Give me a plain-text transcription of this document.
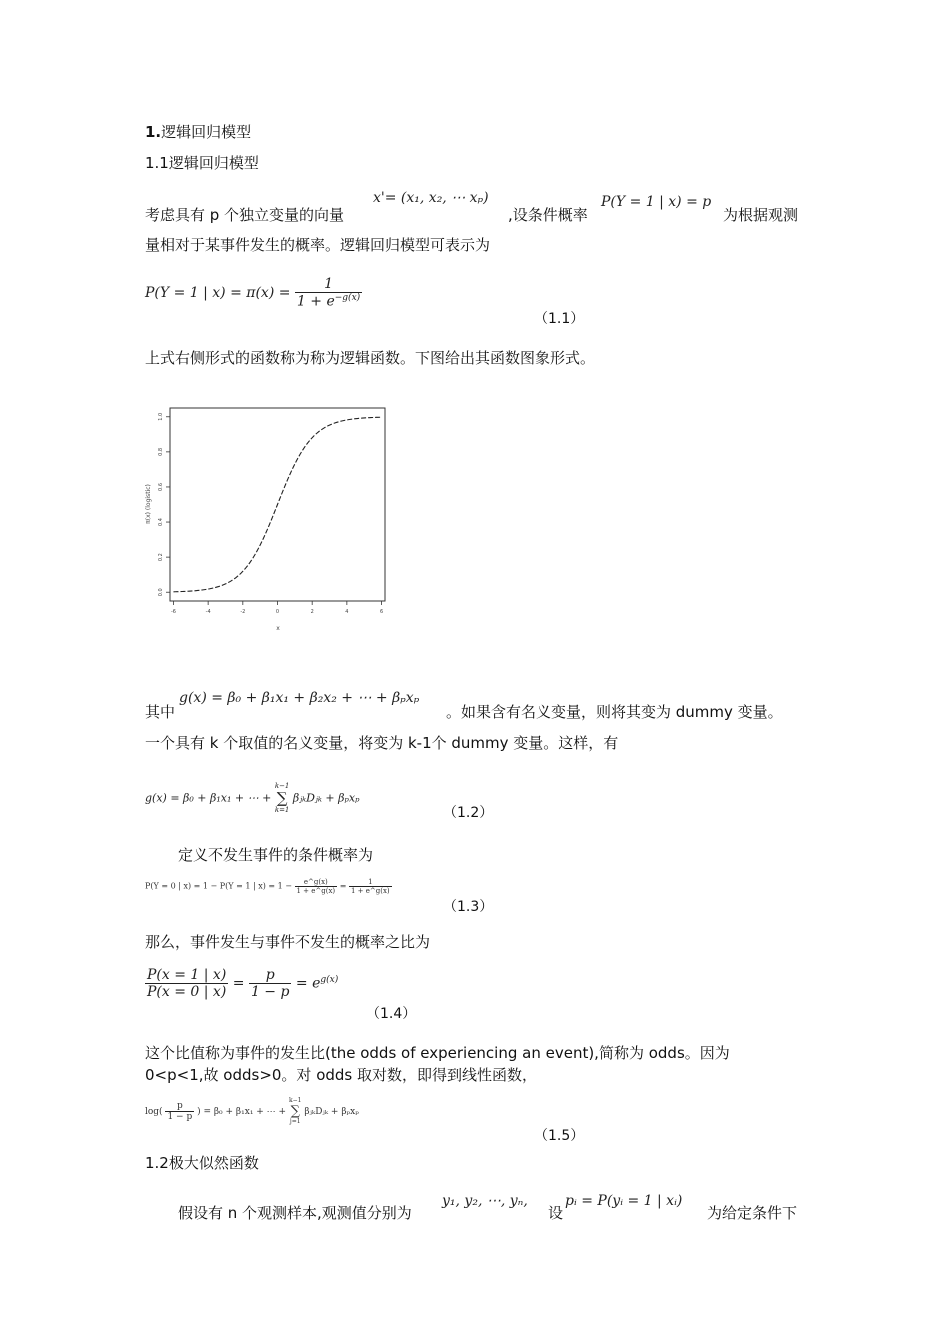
1.逻辑回归模型
1.1逻辑回归模型
考虑具有 p 个独立变量的向量
x'= (x₁, x₂, ⋯ xₚ)
,设条件概率
P(Y = 1 | x) = p
为根据观测
量相对于某事件发生的概率。逻辑回归模型可表示为
P(Y = 1 | $x) = \pi(x) = \frac{1}{1 + e^{-g(x)}}$
（1.1）
上式右侧形式的函数称为称为逻辑函数。下图给出其函数图象形式。
0.0
0.2
0.4
0.6
0.8
1.0
-6	-4	-2	0	2	4	6
π(x) (logistic)
x
其中
g(x) = β₀ + β₁x₁ + β₂x₂ + ⋯ + βₚxₚ
。如果含有名义变量，则将其变为 dummy 变量。
一个具有 k 个取值的名义变量，将变为 k-1个 dummy 变量。这样，有
g(x) = β₀ + β₁x₁ + ⋯ +
k−1
∑
k=1
βⱼₖDⱼₖ + βₚxₚ
（1.2）
定义不发生事件的条件概率为
P(Y = 0 | x) = 1 − P(Y = 1 | $x) = 1 - \frac{e\^{}g(x)}{1 + e\^{}g(x)} = \frac{1}{1 + e\^{}g(x)}$
（1.3）
那么，事件发生与事件不发生的概率之比为
$\frac{P(x = 1 | x)}{P(x = 0 | x)} = \frac{p}{1 - p} = e^{g(x)}$
（1.4）
这个比值称为事件的发生比(the odds of experiencing an event),简称为 odds。因为
0<p<1,故 odds>0。对 odds 取对数，即得到线性函数，
$\log( \frac{p}{1 - p}$ ) = β₀ + β₁x₁ + ⋯ +
k−1
∑
j=1
βⱼₖDⱼₖ + βₚxₚ
（1.5）
1.2极大似然函数
假设有 n 个观测样本,观测值分别为
y₁, y₂, ⋯, yₙ,
设
pᵢ = P(yᵢ = 1 | xᵢ)
为给定条件下
